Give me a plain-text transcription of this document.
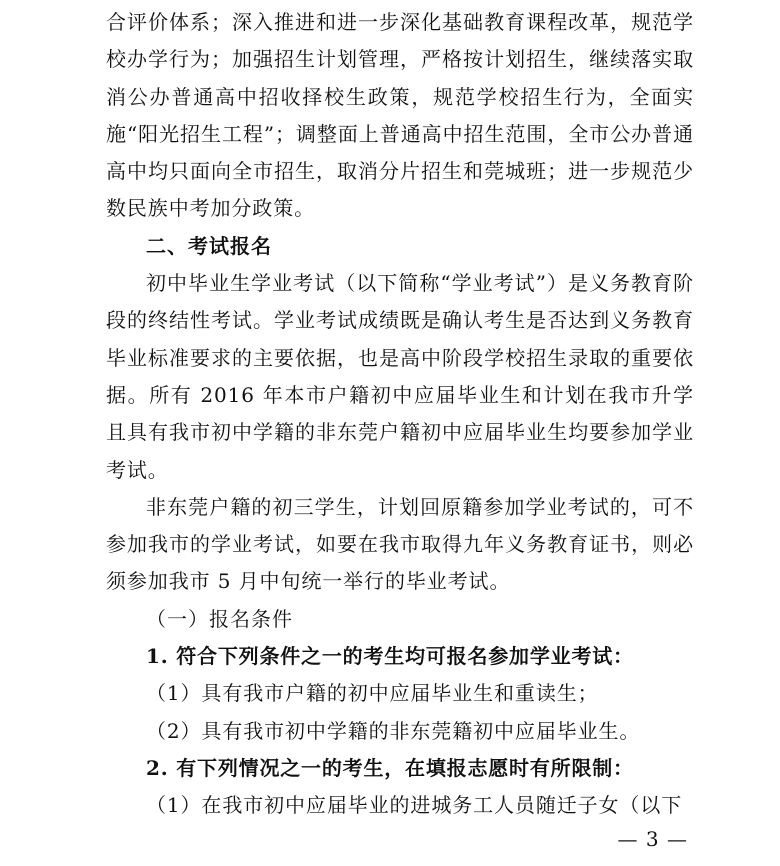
合评价体系；深入推进和进一步深化基础教育课程改革，规范学校办学行为；加强招生计划管理，严格按计划招生，继续落实取消公办普通高中招收择校生政策，规范学校招生行为，全面实施“阳光招生工程”；调整面上普通高中招生范围，全市公办普通高中均只面向全市招生，取消分片招生和莞城班；进一步规范少数民族中考加分政策。

二、考试报名

初中毕业生学业考试（以下简称“学业考试”）是义务教育阶段的终结性考试。学业考试成绩既是确认考生是否达到义务教育毕业标准要求的主要依据，也是高中阶段学校招生录取的重要依据。所有 2016 年本市户籍初中应届毕业生和计划在我市升学且具有我市初中学籍的非东莞户籍初中应届毕业生均要参加学业考试。

非东莞户籍的初三学生，计划回原籍参加学业考试的，可不参加我市的学业考试，如要在我市取得九年义务教育证书，则必须参加我市 5 月中旬统一举行的毕业考试。

（一）报名条件

1. 符合下列条件之一的考生均可报名参加学业考试：

（1）具有我市户籍的初中应届毕业生和重读生；

（2）具有我市初中学籍的非东莞籍初中应届毕业生。

2. 有下列情况之一的考生，在填报志愿时有所限制：

（1）在我市初中应届毕业的进城务工人员随迁子女（以下

— 3 —
